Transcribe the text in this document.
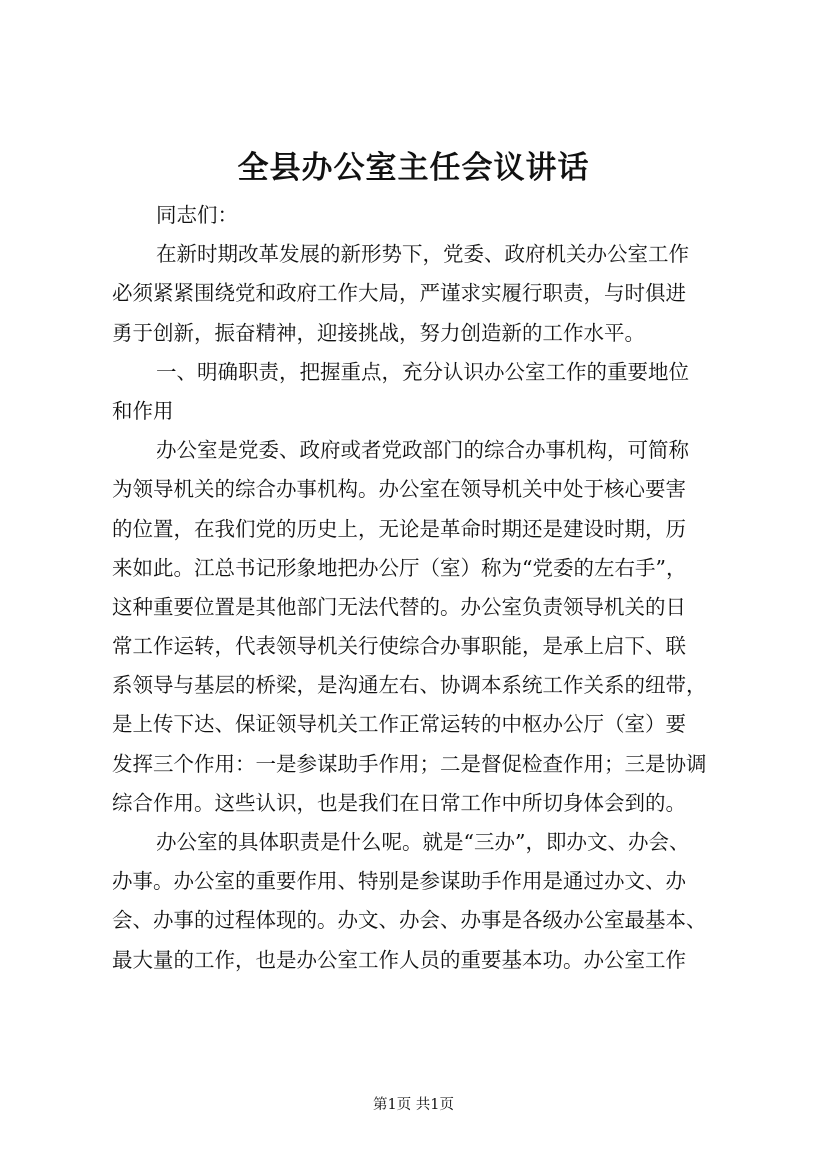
全县办公室主任会议讲话
同志们：
在新时期改革发展的新形势下，党委、政府机关办公室工作
必须紧紧围绕党和政府工作大局，严谨求实履行职责，与时俱进
勇于创新，振奋精神，迎接挑战，努力创造新的工作水平。
一、明确职责，把握重点，充分认识办公室工作的重要地位
和作用
办公室是党委、政府或者党政部门的综合办事机构，可简称
为领导机关的综合办事机构。办公室在领导机关中处于核心要害
的位置，在我们党的历史上，无论是革命时期还是建设时期，历
来如此。江总书记形象地把办公厅（室）称为“党委的左右手”，
这种重要位置是其他部门无法代替的。办公室负责领导机关的日
常工作运转，代表领导机关行使综合办事职能，是承上启下、联
系领导与基层的桥梁，是沟通左右、协调本系统工作关系的纽带，
是上传下达、保证领导机关工作正常运转的中枢办公厅（室）要
发挥三个作用：一是参谋助手作用；二是督促检查作用；三是协调
综合作用。这些认识，也是我们在日常工作中所切身体会到的。
办公室的具体职责是什么呢。就是“三办”，即办文、办会、
办事。办公室的重要作用、特别是参谋助手作用是通过办文、办
会、办事的过程体现的。办文、办会、办事是各级办公室最基本、
最大量的工作，也是办公室工作人员的重要基本功。办公室工作
第1页 共1页
